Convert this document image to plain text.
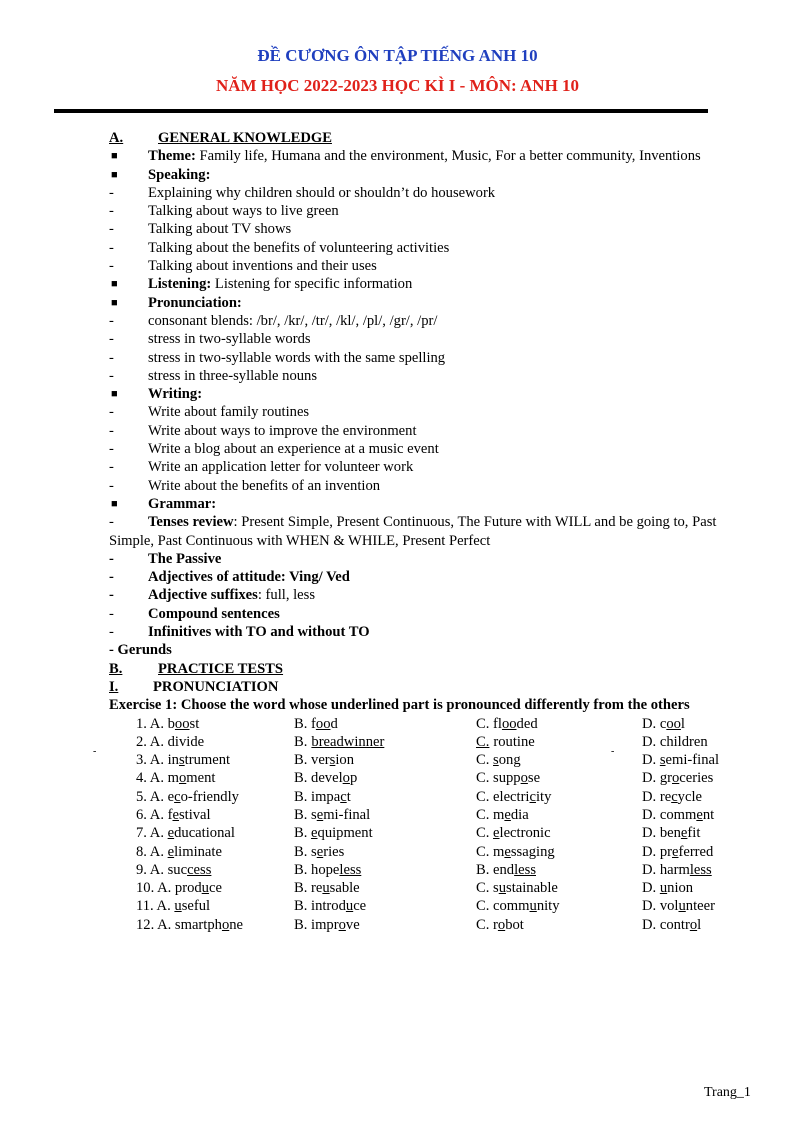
ĐỀ CƯƠNG ÔN TẬP TIẾNG ANH 10
NĂM HỌC 2022-2023 HỌC KÌ I - MÔN: ANH 10
A. GENERAL KNOWLEDGE
■ Theme: Family life, Humana and the environment, Music, For a better community, Inventions
■ Speaking:
- Explaining why children should or shouldn’t do housework
- Talking about ways to live green
- Talking about TV shows
- Talking about the benefits of volunteering activities
- Talking about inventions and their uses
■ Listening: Listening for specific information
■ Pronunciation:
- consonant blends: /br/, /kr/, /tr/, /kl/, /pl/, /gr/, /pr/
- stress in two-syllable words
- stress in two-syllable words with the same spelling
- stress in three-syllable nouns
■ Writing:
- Write about family routines
- Write about ways to improve the environment
- Write a blog about an experience at a music event
- Write an application letter for volunteer work
- Write about the benefits of an invention
■ Grammar:
- Tenses review: Present Simple, Present Continuous, The Future with WILL and be going to, Past Simple, Past Continuous with WHEN & WHILE, Present Perfect
- The Passive
- Adjectives of attitude: Ving/ Ved
- Adjective suffixes: full, less
- Compound sentences
- Infinitives with TO and without TO
- Gerunds
B. PRACTICE TESTS
I. PRONUNCIATION
Exercise 1: Choose the word whose underlined part is pronounced differently from the others
1. A. boost	B. food	C. flooded	D. cool
2. A. divide	B. breadwinner	C. routine	D. children
3. A. instrument	B. version	C. song	D. semi-final
4. A. moment	B. develop	C. suppose	D. groceries
5. A. eco-friendly	B. impact	C. electricity	D. recycle
6. A. festival	B. semi-final	C. media	D. comment
7. A. educational	B. equipment	C. electronic	D. benefit
8. A. eliminate	B. series	C. messaging	D. preferred
9. A. success	B. hopeless	B. endless	D. harmless
10. A. produce	B. reusable	C. sustainable	D. union
11. A. useful	B. introduce	C. community	D. volunteer
12. A. smartphone	B. improve	C. robot	D. control
-	-
Trang_1
